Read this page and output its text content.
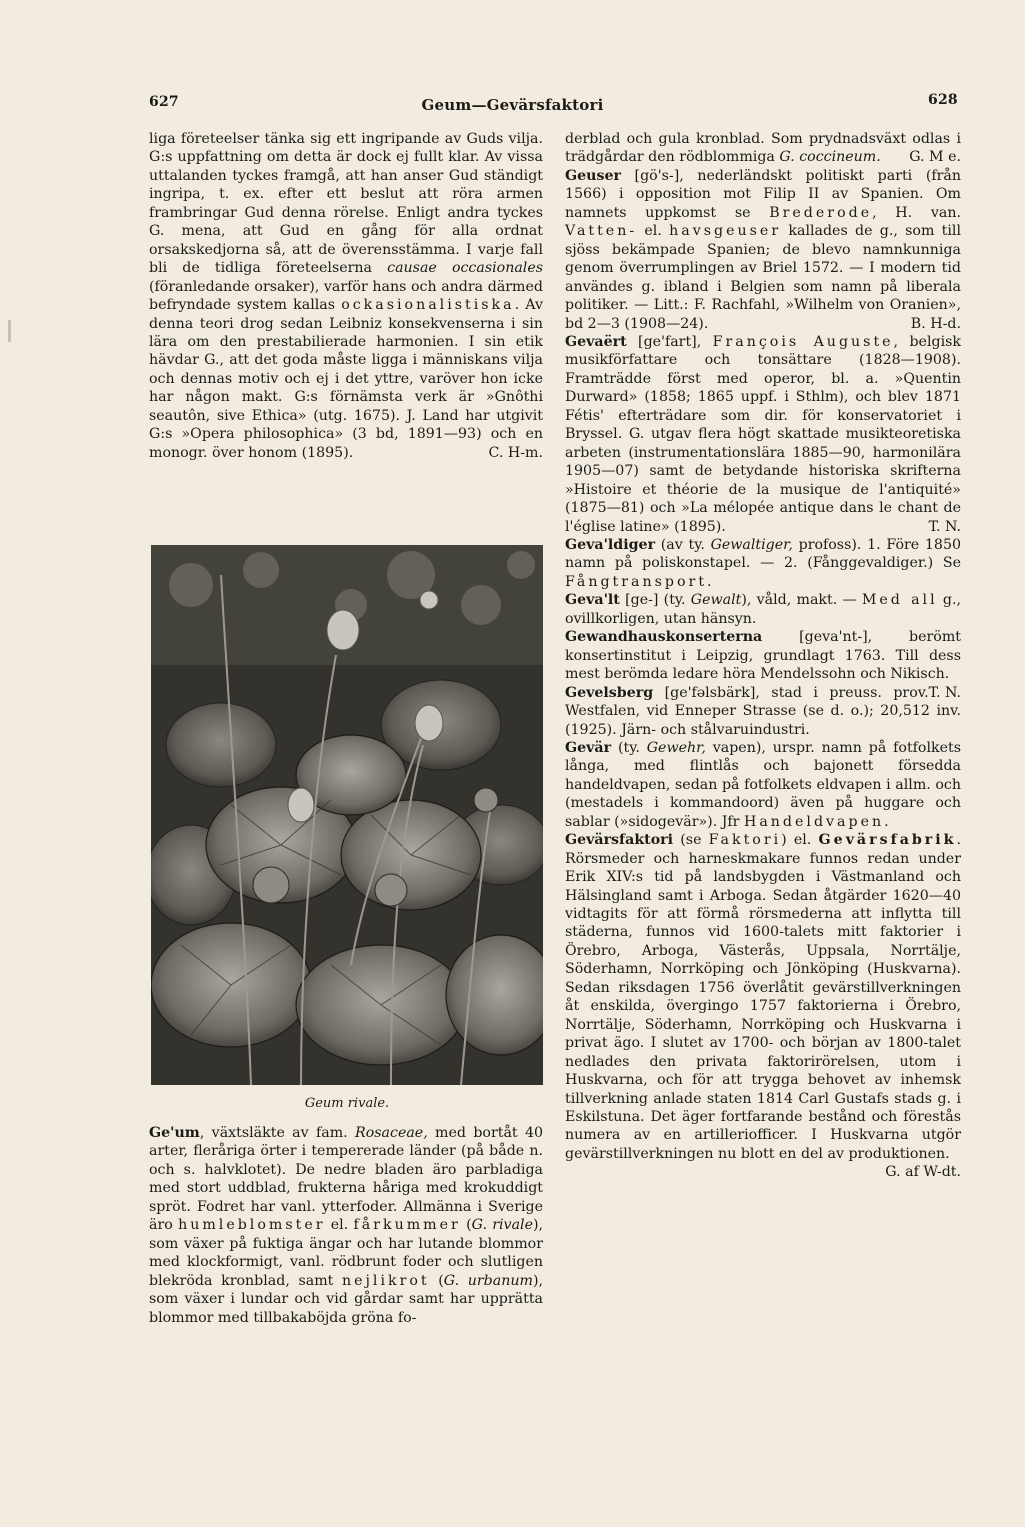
627	Geum—Gevärsfaktori	628

liga företeelser tänka sig ett ingripande av Guds vilja. G:s uppfattning om detta är dock ej fullt klar. Av vissa uttalanden tyckes framgå, att han anser Gud ständigt ingripa, t. ex. efter ett beslut att röra armen frambringar Gud denna rörelse. Enligt andra tyckes G. mena, att Gud en gång för alla ordnat orsakskedjorna så, att de överensstämma. I varje fall bli de tidliga företeelserna causae occasionales (föranledande orsaker), varför hans och andra därmed befryndade system kallas ockasionalistiska. Av denna teori drog sedan Leibniz konsekvenserna i sin lära om den prestabilierade harmonien. I sin etik hävdar G., att det goda måste ligga i människans vilja och dennas motiv och ej i det yttre, varöver hon icke har någon makt. G:s förnämsta verk är »Gnôthi seautôn, sive Ethica» (utg. 1675). J. Land har utgivit G:s »Opera philosophica» (3 bd, 1891—93) och en monogr. över honom (1895).	C. H-m.

Geum rivale.

Ge'um, växtsläkte av fam. Rosaceae, med bortåt 40 arter, fleråriga örter i tempererade länder (på både n. och s. halvklotet). De nedre bladen äro parbladiga med stort uddblad, frukterna håriga med krokuddigt spröt. Fodret har vanl. ytterfoder. Allmänna i Sverige äro humleblomster el. fårkummer (G. rivale), som växer på fuktiga ängar och har lutande blommor med klockformigt, vanl. rödbrunt foder och slutligen blekröda kronblad, samt nejlikrot (G. urbanum), som växer i lundar och vid gårdar samt har upprätta blommor med tillbakaböjda gröna fo-

derblad och gula kronblad. Som prydnadsväxt odlas i trädgårdar den rödblommiga G. coccineum. G. M e.

Geuser [gö's-], nederländskt politiskt parti (från 1566) i opposition mot Filip II av Spanien. Om namnets uppkomst se Brederode, H. van. Vatten- el. havsgeuser kallades de g., som till sjöss bekämpade Spanien; de blevo namnkunniga genom överrumplingen av Briel 1572. — I modern tid användes g. ibland i Belgien som namn på liberala politiker. — Litt.: F. Rachfahl, »Wilhelm von Oranien», bd 2—3 (1908—24).	B. H-d.

Gevaërt [ge'fart], François Auguste, belgisk musikförfattare och tonsättare (1828—1908). Framträdde först med operor, bl. a. »Quentin Durward» (1858; 1865 uppf. i Sthlm), och blev 1871 Fétis' efterträdare som dir. för konservatoriet i Bryssel. G. utgav flera högt skattade musikteoretiska arbeten (instrumentationslära 1885—90, harmonilära 1905—07) samt de betydande historiska skrifterna »Histoire et théorie de la musique de l'antiquité» (1875—81) och »La mélopée antique dans le chant de l'église latine» (1895).	T. N.

Geva'ldiger (av ty. Gewaltiger, profoss). 1. Före 1850 namn på poliskonstapel. — 2. (Fånggevaldiger.) Se Fångtransport.

Geva'lt [ge-] (ty. Gewalt), våld, makt. — Med all g., ovillkorligen, utan hänsyn.

Gewandhauskonserterna [geva'nt-], berömt konsertinstitut i Leipzig, grundlagt 1763. Till dess mest berömda ledare höra Mendelssohn och Nikisch.
T. N.

Gevelsberg [ge'fəlsbärk], stad i preuss. prov. Westfalen, vid Enneper Strasse (se d. o.); 20,512 inv. (1925). Järn- och stålvaruindustri.

Gevär (ty. Gewehr, vapen), urspr. namn på fotfolkets långa, med flintlås och bajonett försedda handeldvapen, sedan på fotfolkets eldvapen i allm. och (mestadels i kommandoord) även på huggare och sablar (»sidogevär»). Jfr Handeldvapen.

Gevärsfaktori (se Faktori) el. Gevärsfabrik. Rörsmeder och harneskmakare funnos redan under Erik XIV:s tid på landsbygden i Västmanland och Hälsingland samt i Arboga. Sedan åtgärder 1620—40 vidtagits för att förmå rörsmederna att inflytta till städerna, funnos vid 1600-talets mitt faktorier i Örebro, Arboga, Västerås, Uppsala, Norrtälje, Söderhamn, Norrköping och Jönköping (Huskvarna). Sedan riksdagen 1756 överlåtit gevärstillverkningen åt enskilda, övergingo 1757 faktorierna i Örebro, Norrtälje, Söderhamn, Norrköping och Huskvarna i privat ägo. I slutet av 1700- och början av 1800-talet nedlades den privata faktorirörelsen, utom i Huskvarna, och för att trygga behovet av inhemsk tillverkning anlade staten 1814 Carl Gustafs stads g. i Eskilstuna. Det äger fortfarande bestånd och förestås numera av en artilleriofficer. I Huskvarna utgör gevärstillverkningen nu blott en del av produktionen.
G. af W-dt.
